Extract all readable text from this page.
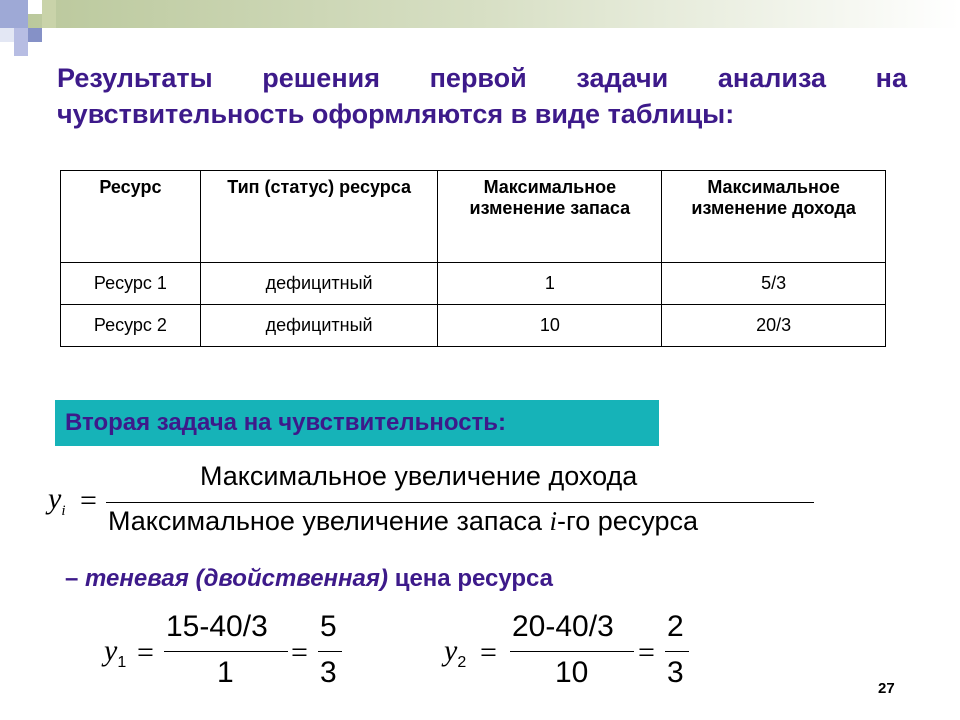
Результаты решения первой задачи анализа на
чувствительность оформляются в виде таблицы:
Ресурс	Тип (статус) ресурса	Максимальное изменение запаса	Максимальное изменение дохода
Ресурс 1	дефицитный	1	5/3
Ресурс 2	дефицитный	10	20/3
Вторая задача на чувствительность:
$y_i$ =
Максимальное увеличение дохода
Максимальное увеличение запаса i-го ресурса
– теневая (двойственная) цена ресурса
$y_1$ =
15-40/3
1
=
5
3
$y_2$ =
20-40/3
10
=
2
3	27
